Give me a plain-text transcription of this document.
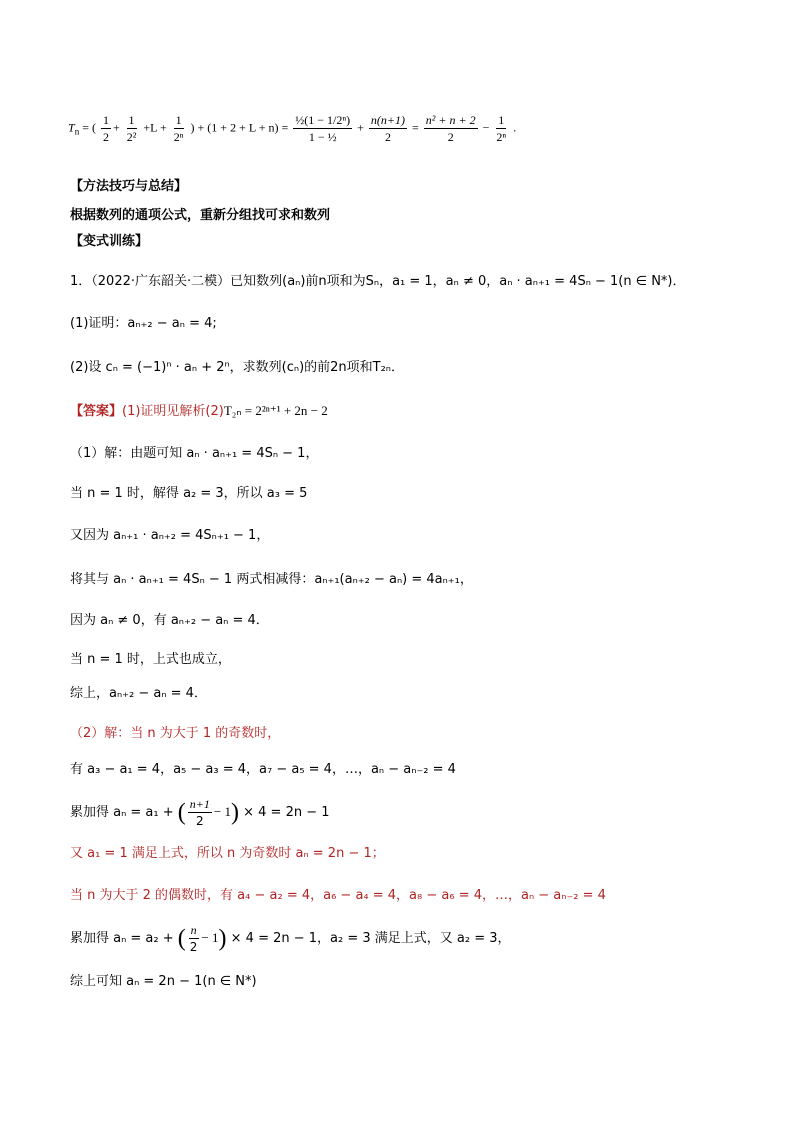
$T_n$ = ( $\frac{1}{2} + \frac{1}{\text{2²}} +L + \frac{1}{\text{2ⁿ}}$ ) + $(1 + 2 + L + n) = \frac{\text{½(1 − 1/2ⁿ)}}{\text{1 − ½}} + \frac{n(n+1)}{2} = \frac{\text{n² + n + 2}}{2} - \frac{1}{\text{2ⁿ}}$ .
【方法技巧与总结】
根据数列的通项公式，重新分组找可求和数列
【变式训练】
1．（2022·广东韶关·二模）已知数列(aₙ)前n项和为Sₙ，a₁ = 1，aₙ ≠ 0，aₙ · aₙ₊₁ = 4Sₙ − 1(n ∈ N*)．
(1)证明：aₙ₊₂ − aₙ = 4;
(2)设 cₙ = (−1)ⁿ · aₙ + 2ⁿ，求数列(cₙ)的前2n项和T₂ₙ．
【答案】(1)证明见解析(2)T₂ₙ = 2²ⁿ⁺¹ + 2n − 2
（1）解：由题可知 aₙ · aₙ₊₁ = 4Sₙ − 1，
当 n = 1 时，解得 a₂ = 3，所以 a₃ = 5
又因为 aₙ₊₁ · aₙ₊₂ = 4Sₙ₊₁ − 1，
将其与 aₙ · aₙ₊₁ = 4Sₙ − 1 两式相减得：aₙ₊₁(aₙ₊₂ − aₙ) = 4aₙ₊₁，
因为 aₙ ≠ 0，有 aₙ₊₂ − aₙ = 4．
当 n = 1 时，上式也成立，
综上，aₙ₊₂ − aₙ = 4．
（2）解：当 n 为大于 1 的奇数时，
有 a₃ − a₁ = 4，a₅ − a₃ = 4，a₇ − a₅ = 4，…，aₙ − aₙ₋₂ = 4
累加得 aₙ = a₁ + ( $\frac{n+1}{2} - 1) \times 4 = 2n - 1$
又 a₁ = 1 满足上式，所以 n 为奇数时 aₙ = 2n − 1；
当 n 为大于 2 的偶数时，有 a₄ − a₂ = 4，a₆ − a₄ = 4，a₈ − a₆ = 4，…，aₙ − aₙ₋₂ = 4
累加得 aₙ = a₂ + ( $\frac{n}{2} - 1) \times 4 = 2n - 1$，a₂ = 3 满足上式，又 a₂ = 3，
综上可知 aₙ = 2n − 1(n ∈ N*)
